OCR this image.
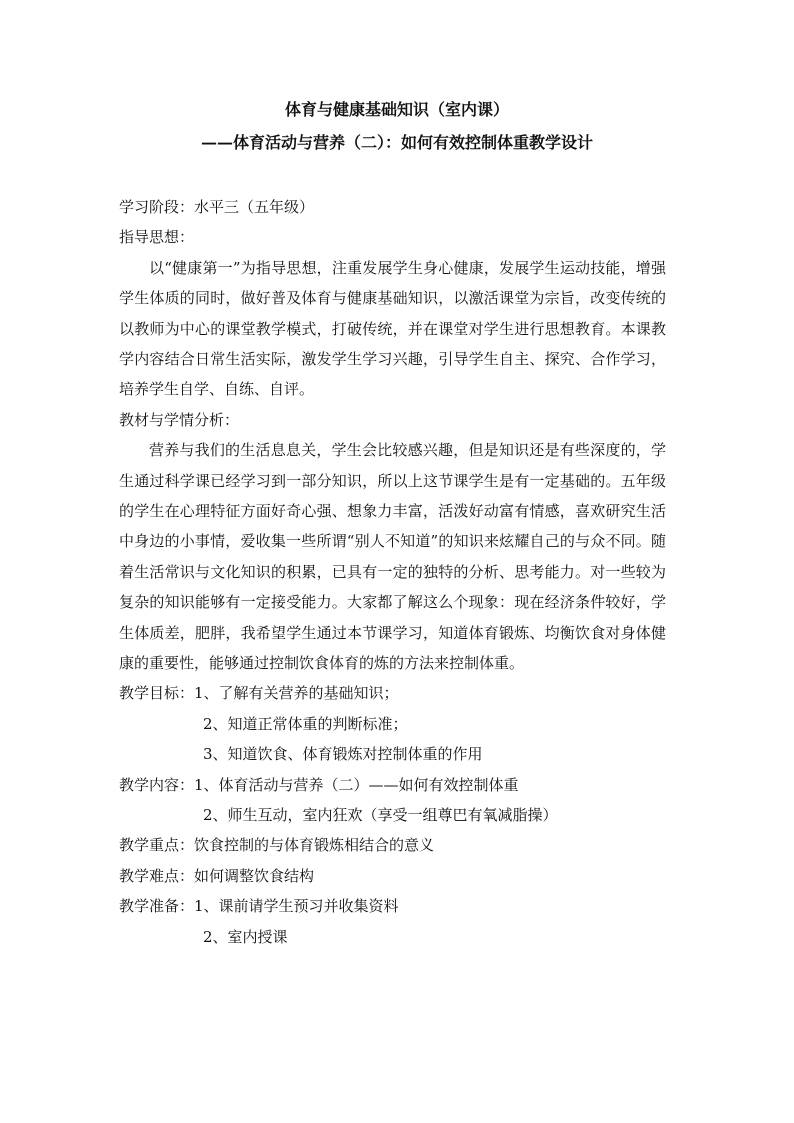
体育与健康基础知识（室内课）

——体育活动与营养（二）：如何有效控制体重教学设计

学习阶段：水平三（五年级）

指导思想：

以“健康第一”为指导思想，注重发展学生身心健康，发展学生运动技能，增强学生体质的同时，做好普及体育与健康基础知识，以激活课堂为宗旨，改变传统的以教师为中心的课堂教学模式，打破传统，并在课堂对学生进行思想教育。本课教学内容结合日常生活实际，激发学生学习兴趣，引导学生自主、探究、合作学习，培养学生自学、自练、自评。

教材与学情分析：

营养与我们的生活息息关，学生会比较感兴趣，但是知识还是有些深度的，学生通过科学课已经学习到一部分知识，所以上这节课学生是有一定基础的。五年级的学生在心理特征方面好奇心强、想象力丰富，活泼好动富有情感，喜欢研究生活中身边的小事情，爱收集一些所谓“别人不知道”的知识来炫耀自己的与众不同。随着生活常识与文化知识的积累，已具有一定的独特的分析、思考能力。对一些较为复杂的知识能够有一定接受能力。大家都了解这么个现象：现在经济条件较好，学生体质差，肥胖，我希望学生通过本节课学习，知道体育锻炼、均衡饮食对身体健康的重要性，能够通过控制饮食体育的炼的方法来控制体重。

教学目标：1、了解有关营养的基础知识；

2、知道正常体重的判断标准；

3、知道饮食、体育锻炼对控制体重的作用

教学内容：1、体育活动与营养（二）——如何有效控制体重

2、师生互动，室内狂欢（享受一组尊巴有氧减脂操）

教学重点：饮食控制的与体育锻炼相结合的意义

教学难点：如何调整饮食结构

教学准备：1、课前请学生预习并收集资料

2、室内授课
